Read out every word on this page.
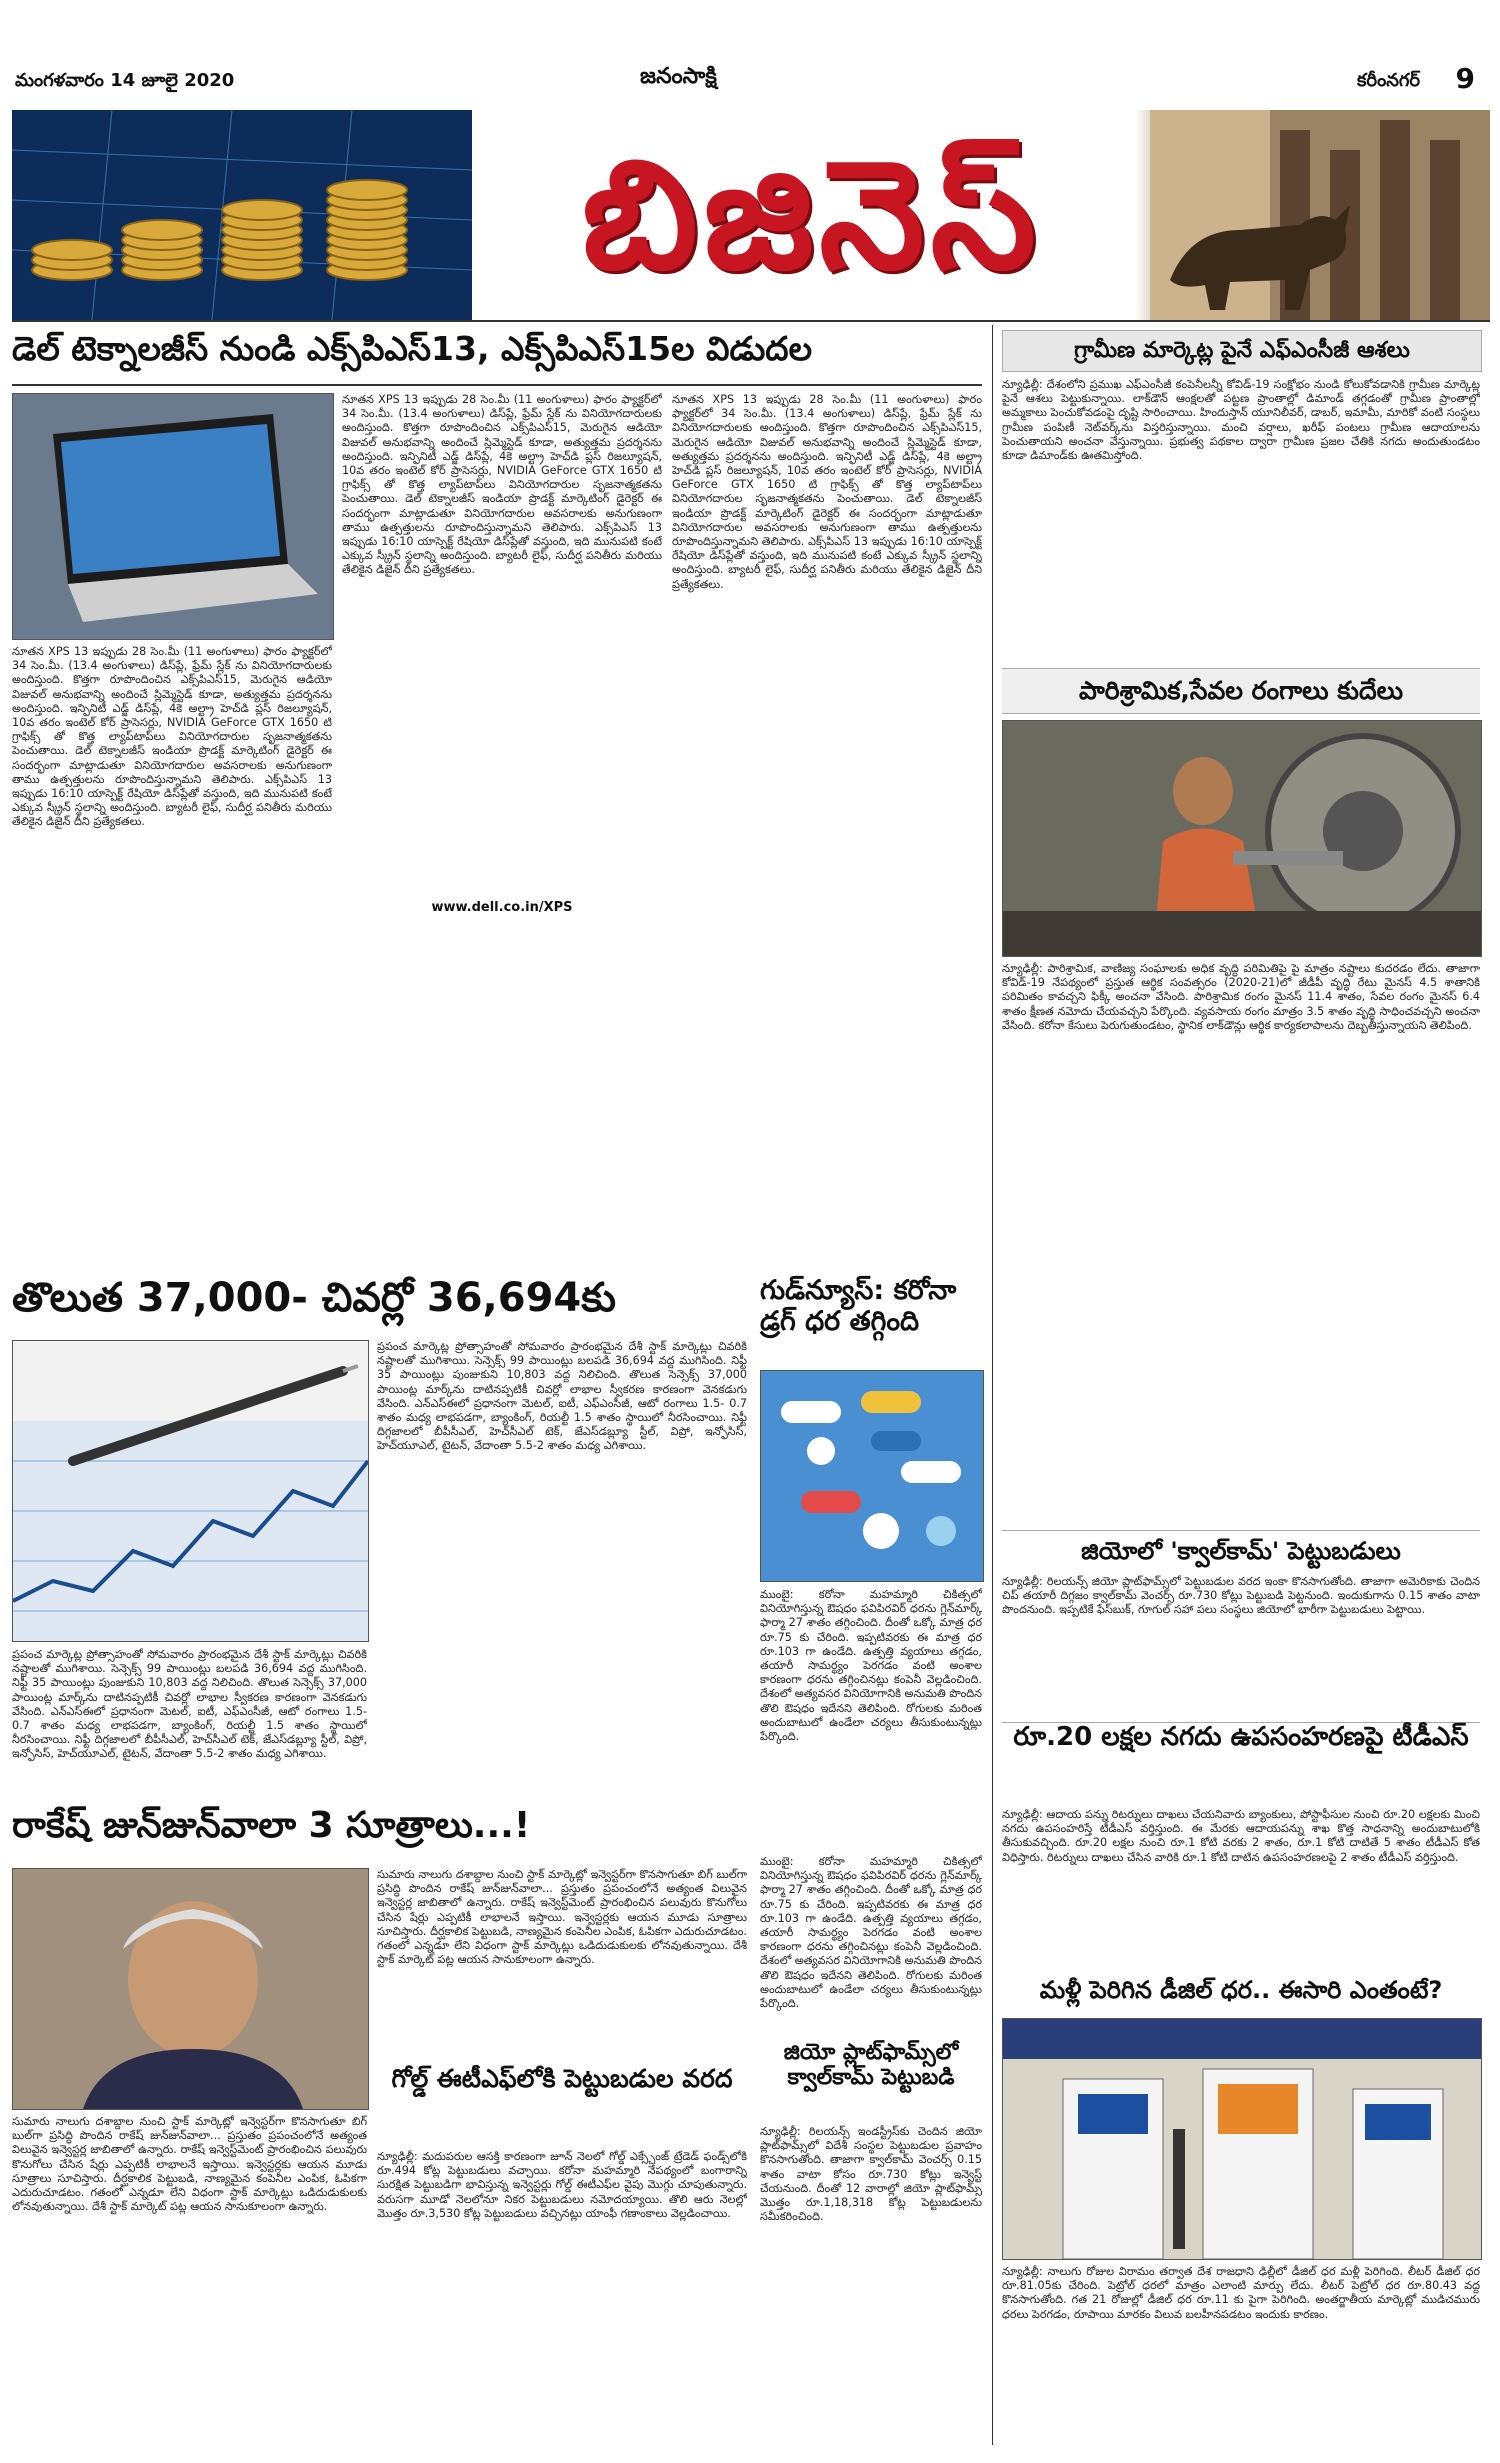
మంగళవారం 14 జూలై 2020	జనంసాక్షి	కరీంనగర్ 9
బిజినెస్
డెల్ టెక్నాలజీస్ నుండి ఎక్స్‌పిఎస్13, ఎక్స్‌పిఎస్15ల విడుదల
నూతన XPS 13 ఇప్పుడు 28 సెం.మీ (11 అంగుళాలు) ఫారం ఫ్యాక్టర్‌లో 34 సెం.మీ. (13.4 అంగుళాలు) డిస్‌ప్లే, ఫ్రేమ్ స్లేక్ ను వినియోగదారులకు అందిస్తుంది. కొత్తగా రూపొందించిన ఎక్స్‌పిఎస్15, మెరుగైన ఆడియో విజువల్ అనుభవాన్ని అందించే స్లిమ్మెస్టెడ్ కూడా, అత్యుత్తమ ప్రదర్శనను అందిస్తుంది. ఇన్ఫినిటీ ఎడ్జ్ డిస్‌ప్లే, 4కె అల్ట్రా హెచ్‌డి ప్లస్ రిజల్యూషన్, 10వ తరం ఇంటెల్ కోర్ ప్రాసెసర్లు, NVIDIA GeForce GTX 1650 టి గ్రాఫిక్స్ తో కొత్త ల్యాప్‌టాప్‌లు వినియోగదారుల సృజనాత్మకతను పెంచుతాయి. డెల్ టెక్నాలజీస్ ఇండియా ప్రొడక్ట్ మార్కెటింగ్ డైరెక్టర్ ఈ సందర్భంగా మాట్లాడుతూ వినియోగదారుల అవసరాలకు అనుగుణంగా తాము ఉత్పత్తులను రూపొందిస్తున్నామని తెలిపారు. ఎక్స్‌పిఎస్ 13 ఇప్పుడు 16:10 యాస్పెక్ట్ రేషియో డిస్‌ప్లేతో వస్తుంది, ఇది మునుపటి కంటే ఎక్కువ స్క్రీన్ స్థలాన్ని అందిస్తుంది. బ్యాటరీ లైఫ్, సుదీర్ఘ పనితీరు మరియు తేలికైన డిజైన్ దీని ప్రత్యేకతలు.
నూతన XPS 13 ఇప్పుడు 28 సెం.మీ (11 అంగుళాలు) ఫారం ఫ్యాక్టర్‌లో 34 సెం.మీ. (13.4 అంగుళాలు) డిస్‌ప్లే, ఫ్రేమ్ స్లేక్ ను వినియోగదారులకు అందిస్తుంది. కొత్తగా రూపొందించిన ఎక్స్‌పిఎస్15, మెరుగైన ఆడియో విజువల్ అనుభవాన్ని అందించే స్లిమ్మెస్టెడ్ కూడా, అత్యుత్తమ ప్రదర్శనను అందిస్తుంది. ఇన్ఫినిటీ ఎడ్జ్ డిస్‌ప్లే, 4కె అల్ట్రా హెచ్‌డి ప్లస్ రిజల్యూషన్, 10వ తరం ఇంటెల్ కోర్ ప్రాసెసర్లు, NVIDIA GeForce GTX 1650 టి గ్రాఫిక్స్ తో కొత్త ల్యాప్‌టాప్‌లు వినియోగదారుల సృజనాత్మకతను పెంచుతాయి. డెల్ టెక్నాలజీస్ ఇండియా ప్రొడక్ట్ మార్కెటింగ్ డైరెక్టర్ ఈ సందర్భంగా మాట్లాడుతూ వినియోగదారుల అవసరాలకు అనుగుణంగా తాము ఉత్పత్తులను రూపొందిస్తున్నామని తెలిపారు. ఎక్స్‌పిఎస్ 13 ఇప్పుడు 16:10 యాస్పెక్ట్ రేషియో డిస్‌ప్లేతో వస్తుంది, ఇది మునుపటి కంటే ఎక్కువ స్క్రీన్ స్థలాన్ని అందిస్తుంది. బ్యాటరీ లైఫ్, సుదీర్ఘ పనితీరు మరియు తేలికైన డిజైన్ దీని ప్రత్యేకతలు.
www.dell.co.in/XPS
నూతన XPS 13 ఇప్పుడు 28 సెం.మీ (11 అంగుళాలు) ఫారం ఫ్యాక్టర్‌లో 34 సెం.మీ. (13.4 అంగుళాలు) డిస్‌ప్లే, ఫ్రేమ్ స్లేక్ ను వినియోగదారులకు అందిస్తుంది. కొత్తగా రూపొందించిన ఎక్స్‌పిఎస్15, మెరుగైన ఆడియో విజువల్ అనుభవాన్ని అందించే స్లిమ్మెస్టెడ్ కూడా, అత్యుత్తమ ప్రదర్శనను అందిస్తుంది. ఇన్ఫినిటీ ఎడ్జ్ డిస్‌ప్లే, 4కె అల్ట్రా హెచ్‌డి ప్లస్ రిజల్యూషన్, 10వ తరం ఇంటెల్ కోర్ ప్రాసెసర్లు, NVIDIA GeForce GTX 1650 టి గ్రాఫిక్స్ తో కొత్త ల్యాప్‌టాప్‌లు వినియోగదారుల సృజనాత్మకతను పెంచుతాయి. డెల్ టెక్నాలజీస్ ఇండియా ప్రొడక్ట్ మార్కెటింగ్ డైరెక్టర్ ఈ సందర్భంగా మాట్లాడుతూ వినియోగదారుల అవసరాలకు అనుగుణంగా తాము ఉత్పత్తులను రూపొందిస్తున్నామని తెలిపారు. ఎక్స్‌పిఎస్ 13 ఇప్పుడు 16:10 యాస్పెక్ట్ రేషియో డిస్‌ప్లేతో వస్తుంది, ఇది మునుపటి కంటే ఎక్కువ స్క్రీన్ స్థలాన్ని అందిస్తుంది. బ్యాటరీ లైఫ్, సుదీర్ఘ పనితీరు మరియు తేలికైన డిజైన్ దీని ప్రత్యేకతలు.
తొలుత 37,000- చివర్లో 36,694కు
ప్రపంచ మార్కెట్ల ప్రోత్సాహంతో సోమవారం ప్రారంభమైన దేశీ స్టాక్ మార్కెట్లు చివరికి నష్టాలతో ముగిశాయి. సెన్సెక్స్ 99 పాయింట్లు బలపడి 36,694 వద్ద ముగిసింది. నిఫ్టీ 35 పాయింట్లు పుంజుకుని 10,803 వద్ద నిలిచింది. తొలుత సెన్సెక్స్ 37,000 పాయింట్ల మార్క్‌ను దాటినప్పటికీ చివర్లో లాభాల స్వీకరణ కారణంగా వెనకడుగు వేసింది. ఎన్‌ఎస్‌ఈలో ప్రధానంగా మెటల్, ఐటీ, ఎఫ్‌ఎంసీజీ, ఆటో రంగాలు 1.5- 0.7 శాతం మధ్య లాభపడగా, బ్యాంకింగ్, రియల్టీ 1.5 శాతం స్థాయిలో నీరసించాయి. నిఫ్టీ దిగ్గజాలలో బీపీసీఎల్, హెచ్‌సీఎల్ టెక్, జేఎస్‌డబ్ల్యూ స్టీల్, విప్రో, ఇన్ఫోసిస్, హెచ్‌యూఎల్, టైటన్, వేదాంతా 5.5-2 శాతం మధ్య ఎగిశాయి.
ప్రపంచ మార్కెట్ల ప్రోత్సాహంతో సోమవారం ప్రారంభమైన దేశీ స్టాక్ మార్కెట్లు చివరికి నష్టాలతో ముగిశాయి. సెన్సెక్స్ 99 పాయింట్లు బలపడి 36,694 వద్ద ముగిసింది. నిఫ్టీ 35 పాయింట్లు పుంజుకుని 10,803 వద్ద నిలిచింది. తొలుత సెన్సెక్స్ 37,000 పాయింట్ల మార్క్‌ను దాటినప్పటికీ చివర్లో లాభాల స్వీకరణ కారణంగా వెనకడుగు వేసింది. ఎన్‌ఎస్‌ఈలో ప్రధానంగా మెటల్, ఐటీ, ఎఫ్‌ఎంసీజీ, ఆటో రంగాలు 1.5- 0.7 శాతం మధ్య లాభపడగా, బ్యాంకింగ్, రియల్టీ 1.5 శాతం స్థాయిలో నీరసించాయి. నిఫ్టీ దిగ్గజాలలో బీపీసీఎల్, హెచ్‌సీఎల్ టెక్, జేఎస్‌డబ్ల్యూ స్టీల్, విప్రో, ఇన్ఫోసిస్, హెచ్‌యూఎల్, టైటన్, వేదాంతా 5.5-2 శాతం మధ్య ఎగిశాయి.
గుడ్‌న్యూస్: కరోనా డ్రగ్ ధర తగ్గింది
ముంబై: కరోనా మహమ్మారి చికిత్సలో వినియోగిస్తున్న ఔషధం ఫవిపిరవిర్ ధరను గ్లెన్‌మార్క్ ఫార్మా 27 శాతం తగ్గించింది. దీంతో ఒక్కో మాత్ర ధర రూ.75 కు చేరింది. ఇప్పటివరకు ఈ మాత్ర ధర రూ.103 గా ఉండేది. ఉత్పత్తి వ్యయాలు తగ్గడం, తయారీ సామర్థ్యం పెరగడం వంటి అంశాల కారణంగా ధరను తగ్గించినట్లు కంపెనీ వెల్లడించింది. దేశంలో అత్యవసర వినియోగానికి అనుమతి పొందిన తొలి ఔషధం ఇదేనని తెలిపింది. రోగులకు మరింత అందుబాటులో ఉండేలా చర్యలు తీసుకుంటున్నట్లు పేర్కొంది.
రాకేష్ జున్‌జున్‌వాలా 3 సూత్రాలు...!
సుమారు నాలుగు దశాబ్దాల నుంచి స్టాక్ మార్కెట్లో ఇన్వెస్టర్‌గా కొనసాగుతూ బిగ్ బుల్‌గా ప్రసిద్ధి పొందిన రాకేష్ జున్‌జున్‌వాలా... ప్రస్తుతం ప్రపంచంలోనే అత్యంత విలువైన ఇన్వెస్టర్ల జాబితాలో ఉన్నారు. రాకేష్ ఇన్వెస్ట్‌మెంట్ ప్రారంభించిన పలువురు కొనుగోలు చేసిన షేర్లు ఎప్పటికీ లాభాలనే ఇస్తాయి. ఇన్వెస్టర్లకు ఆయన మూడు సూత్రాలు సూచిస్తారు. దీర్ఘకాలిక పెట్టుబడి, నాణ్యమైన కంపెనీల ఎంపిక, ఓపికగా ఎదురుచూడటం. గతంలో ఎన్నడూ లేని విధంగా స్టాక్ మార్కెట్లు ఒడిదుడుకులకు లోనవుతున్నాయి. దేశీ స్టాక్ మార్కెట్ పట్ల ఆయన సానుకూలంగా ఉన్నారు.
సుమారు నాలుగు దశాబ్దాల నుంచి స్టాక్ మార్కెట్లో ఇన్వెస్టర్‌గా కొనసాగుతూ బిగ్ బుల్‌గా ప్రసిద్ధి పొందిన రాకేష్ జున్‌జున్‌వాలా... ప్రస్తుతం ప్రపంచంలోనే అత్యంత విలువైన ఇన్వెస్టర్ల జాబితాలో ఉన్నారు. రాకేష్ ఇన్వెస్ట్‌మెంట్ ప్రారంభించిన పలువురు కొనుగోలు చేసిన షేర్లు ఎప్పటికీ లాభాలనే ఇస్తాయి. ఇన్వెస్టర్లకు ఆయన మూడు సూత్రాలు సూచిస్తారు. దీర్ఘకాలిక పెట్టుబడి, నాణ్యమైన కంపెనీల ఎంపిక, ఓపికగా ఎదురుచూడటం. గతంలో ఎన్నడూ లేని విధంగా స్టాక్ మార్కెట్లు ఒడిదుడుకులకు లోనవుతున్నాయి. దేశీ స్టాక్ మార్కెట్ పట్ల ఆయన సానుకూలంగా ఉన్నారు.
గోల్డ్ ఈటీఎఫ్‌లోకి పెట్టుబడుల వరద
న్యూఢిల్లీ: మదుపరుల ఆసక్తి కారణంగా జూన్ నెలలో గోల్డ్ ఎక్స్చేంజ్ ట్రేడెడ్ ఫండ్స్‌లోకి రూ.494 కోట్ల పెట్టుబడులు వచ్చాయి. కరోనా మహమ్మారి నేపథ్యంలో బంగారాన్ని సురక్షిత పెట్టుబడిగా భావిస్తున్న ఇన్వెస్టర్లు గోల్డ్ ఈటీఎఫ్‌ల వైపు మొగ్గు చూపుతున్నారు. వరుసగా మూడో నెలలోనూ నికర పెట్టుబడులు నమోదయ్యాయి. తొలి ఆరు నెలల్లో మొత్తం రూ.3,530 కోట్ల పెట్టుబడులు వచ్చినట్లు యాంఫీ గణాంకాలు వెల్లడించాయి.
ముంబై: కరోనా మహమ్మారి చికిత్సలో వినియోగిస్తున్న ఔషధం ఫవిపిరవిర్ ధరను గ్లెన్‌మార్క్ ఫార్మా 27 శాతం తగ్గించింది. దీంతో ఒక్కో మాత్ర ధర రూ.75 కు చేరింది. ఇప్పటివరకు ఈ మాత్ర ధర రూ.103 గా ఉండేది. ఉత్పత్తి వ్యయాలు తగ్గడం, తయారీ సామర్థ్యం పెరగడం వంటి అంశాల కారణంగా ధరను తగ్గించినట్లు కంపెనీ వెల్లడించింది. దేశంలో అత్యవసర వినియోగానికి అనుమతి పొందిన తొలి ఔషధం ఇదేనని తెలిపింది. రోగులకు మరింత అందుబాటులో ఉండేలా చర్యలు తీసుకుంటున్నట్లు పేర్కొంది.
జియో ప్లాట్‌ఫామ్స్‌లో క్వాల్‌కామ్ పెట్టుబడి
న్యూఢిల్లీ: రిలయన్స్ ఇండస్ట్రీస్‌కు చెందిన జియో ప్లాట్‌ఫామ్స్‌లో విదేశీ సంస్థల పెట్టుబడుల ప్రవాహం కొనసాగుతోంది. తాజాగా క్వాల్‌కామ్ వెంచర్స్ 0.15 శాతం వాటా కోసం రూ.730 కోట్లు ఇన్వెస్ట్ చేయనుంది. దీంతో 12 వారాల్లో జియో ప్లాట్‌ఫామ్స్ మొత్తం రూ.1,18,318 కోట్ల పెట్టుబడులను సమీకరించింది.
గ్రామీణ మార్కెట్ల పైనే ఎఫ్‌ఎంసీజీ ఆశలు
న్యూఢిల్లీ: దేశంలోని ప్రముఖ ఎఫ్‌ఎంసీజీ కంపెనీలన్నీ కోవిడ్-19 సంక్షోభం నుండి కోలుకోవడానికి గ్రామీణ మార్కెట్ల పైనే ఆశలు పెట్టుకున్నాయి. లాక్‌డౌన్ ఆంక్షలతో పట్టణ ప్రాంతాల్లో డిమాండ్ తగ్గడంతో గ్రామీణ ప్రాంతాల్లో అమ్మకాలు పెంచుకోవడంపై దృష్టి సారించాయి. హిందుస్తాన్ యూనిలీవర్, డాబర్, ఇమామీ, మారికో వంటి సంస్థలు గ్రామీణ పంపిణీ నెట్‌వర్క్‌ను విస్తరిస్తున్నాయి. మంచి వర్షాలు, ఖరీఫ్ పంటలు గ్రామీణ ఆదాయాలను పెంచుతాయని అంచనా వేస్తున్నాయి. ప్రభుత్వ పథకాల ద్వారా గ్రామీణ ప్రజల చేతికి నగదు అందుతుండటం కూడా డిమాండ్‌కు ఊతమిస్తోంది.
పారిశ్రామిక,సేవల రంగాలు కుదేలు
న్యూఢిల్లీ: పారిశ్రామిక, వాణిజ్య సంఘాలకు అధిక వృద్ధి పరిమితిపై పై మాత్రం నష్టాలు కుదరడం లేదు. తాజాగా కోవిడ్-19 నేపథ్యంలో ప్రస్తుత ఆర్థిక సంవత్సరం (2020-21)లో జీడీపీ వృద్ధి రేటు మైనస్ 4.5 శాతానికి పరిమితం కావచ్చని ఫిక్కీ అంచనా వేసింది. పారిశ్రామిక రంగం మైనస్ 11.4 శాతం, సేవల రంగం మైనస్ 6.4 శాతం క్షీణత నమోదు చేయవచ్చని పేర్కొంది. వ్యవసాయ రంగం మాత్రం 3.5 శాతం వృద్ధి సాధించవచ్చని అంచనా వేసింది. కరోనా కేసులు పెరుగుతుండటం, స్థానిక లాక్‌డౌన్లు ఆర్థిక కార్యకలాపాలను దెబ్బతీస్తున్నాయని తెలిపింది.
జియోలో 'క్వాల్‌కామ్' పెట్టుబడులు
న్యూఢిల్లీ: రిలయన్స్ జియో ప్లాట్‌ఫామ్స్‌లో పెట్టుబడుల వరద ఇంకా కొనసాగుతోంది. తాజాగా అమెరికాకు చెందిన చిప్ తయారీ దిగ్గజం క్వాల్‌కామ్ వెంచర్స్ రూ.730 కోట్లు పెట్టుబడి పెట్టనుంది. ఇందుకుగాను 0.15 శాతం వాటా పొందనుంది. ఇప్పటికే ఫేస్‌బుక్, గూగుల్ సహా పలు సంస్థలు జియోలో భారీగా పెట్టుబడులు పెట్టాయి.
రూ.20 లక్షల నగదు ఉపసంహరణపై టీడీఎస్
న్యూఢిల్లీ: ఆదాయ పన్ను రిటర్నులు దాఖలు చేయనివారు బ్యాంకులు, పోస్టాఫీసుల నుంచి రూ.20 లక్షలకు మించి నగదు ఉపసంహరిస్తే టీడీఎస్ వర్తిస్తుంది. ఈ మేరకు ఆదాయపన్ను శాఖ కొత్త సాధనాన్ని అందుబాటులోకి తీసుకువచ్చింది. రూ.20 లక్షల నుంచి రూ.1 కోటి వరకు 2 శాతం, రూ.1 కోటి దాటితే 5 శాతం టీడీఎస్ కోత విధిస్తారు. రిటర్నులు దాఖలు చేసిన వారికి రూ.1 కోటి దాటిన ఉపసంహరణలపై 2 శాతం టీడీఎస్ వర్తిస్తుంది.
మళ్లీ పెరిగిన డీజిల్ ధర.. ఈసారి ఎంతంటే?
న్యూఢిల్లీ: నాలుగు రోజుల విరామం తర్వాత దేశ రాజధాని ఢిల్లీలో డీజిల్ ధర మళ్లీ పెరిగింది. లీటర్ డీజిల్ ధర రూ.81.05కు చేరింది. పెట్రోల్ ధరలో మాత్రం ఎలాంటి మార్పు లేదు. లీటర్ పెట్రోల్ ధర రూ.80.43 వద్ద కొనసాగుతోంది. గత 21 రోజుల్లో డీజిల్ ధర రూ.11 కు పైగా పెరిగింది. అంతర్జాతీయ మార్కెట్లో ముడిచమురు ధరలు పెరగడం, రూపాయి మారకం విలువ బలహీనపడటం ఇందుకు కారణం.
